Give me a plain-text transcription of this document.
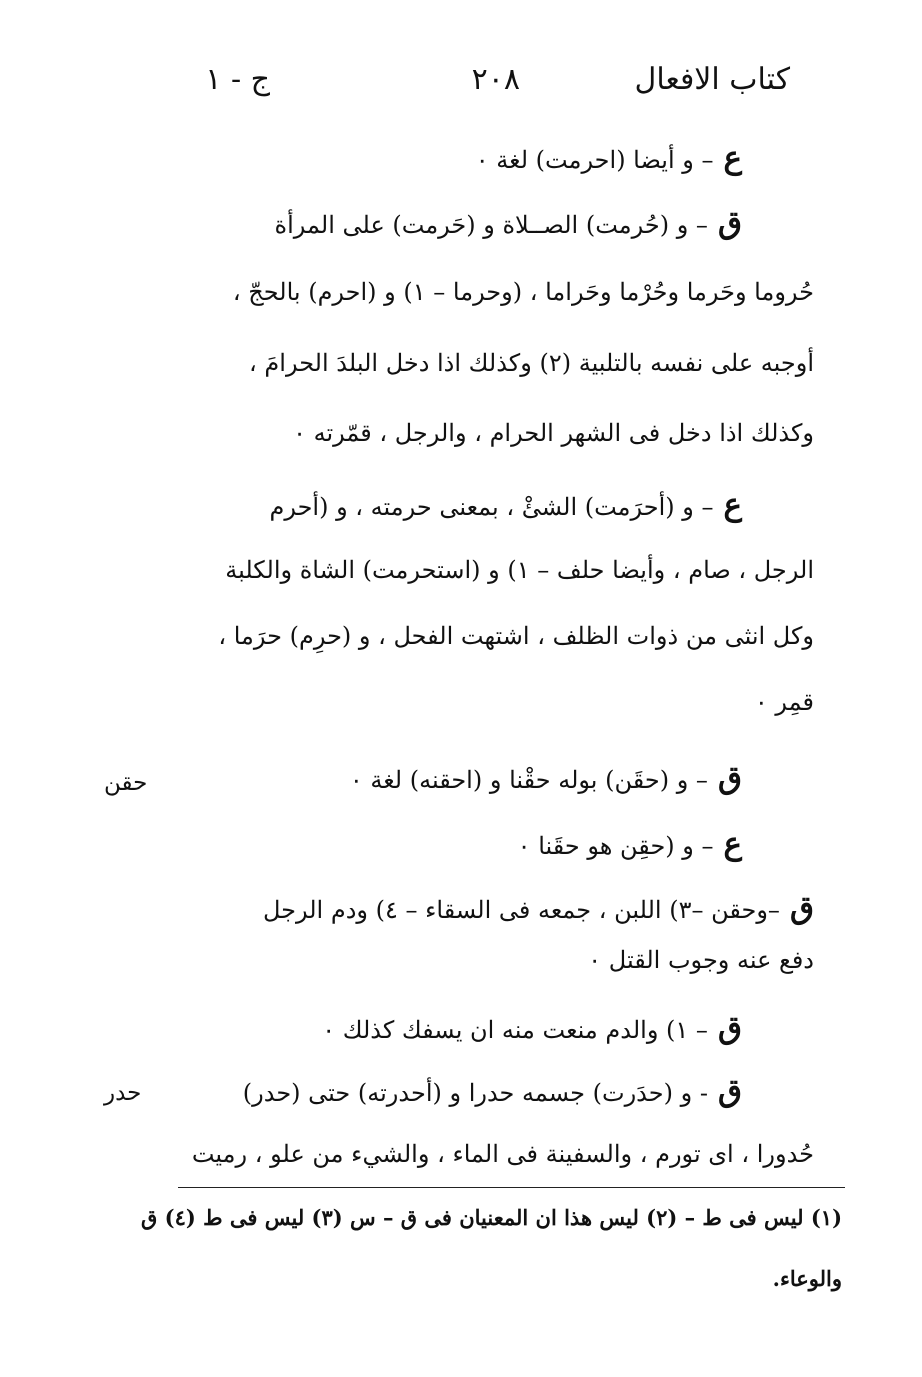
كتاب الافعال
٢٠٨
ج - ١
ع– و أيضا (احرمت) لغة ٠
ق– و (حُرمت) الصــلاة و (حَرمت) على المرأة
حُروما وحَرما وحُرْما وحَراما ، (وحرما – ١) و (احرم) بالحجّ ،
أوجبه على نفسه بالتلبية (٢) وكذلك اذا دخل البلدَ الحرامَ ،
وكذلك اذا دخل فى الشهر الحرام ، والرجل ، قمّرته ٠
ع– و (أحرَمت) الشئْ ، بمعنى حرمته ، و (أحرم
الرجل ، صام ، وأيضا حلف – ١) و (استحرمت) الشاة والكلبة
وكل انثى من ذوات الظلف ، اشتهت الفحل ، و (حرِم) حرَما ،
قمِر ٠
ق– و (حقَن) بوله حقْنا و (احقنه) لغة ٠
ع– و (حقِن هو حقَنا ٠
ق–وحقن –٣) اللبن ، جمعه فى السقاء – ٤) ودم الرجل
دفع عنه وجوب القتل ٠
ق– ١) والدم منعت منه ان يسفك كذلك ٠
ق- و (حدَرت) جسمه حدرا و (أحدرته) حتى (حدر)
حُدورا ، اى تورم ، والسفينة فى الماء ، والشيء من علو ، رميت
حقن
حدر
(١) ليس فى ط – (٢) ليس هذا ان المعنيان فى ق – س (٣) ليس فى ط (٤) ق
والوعاء.
